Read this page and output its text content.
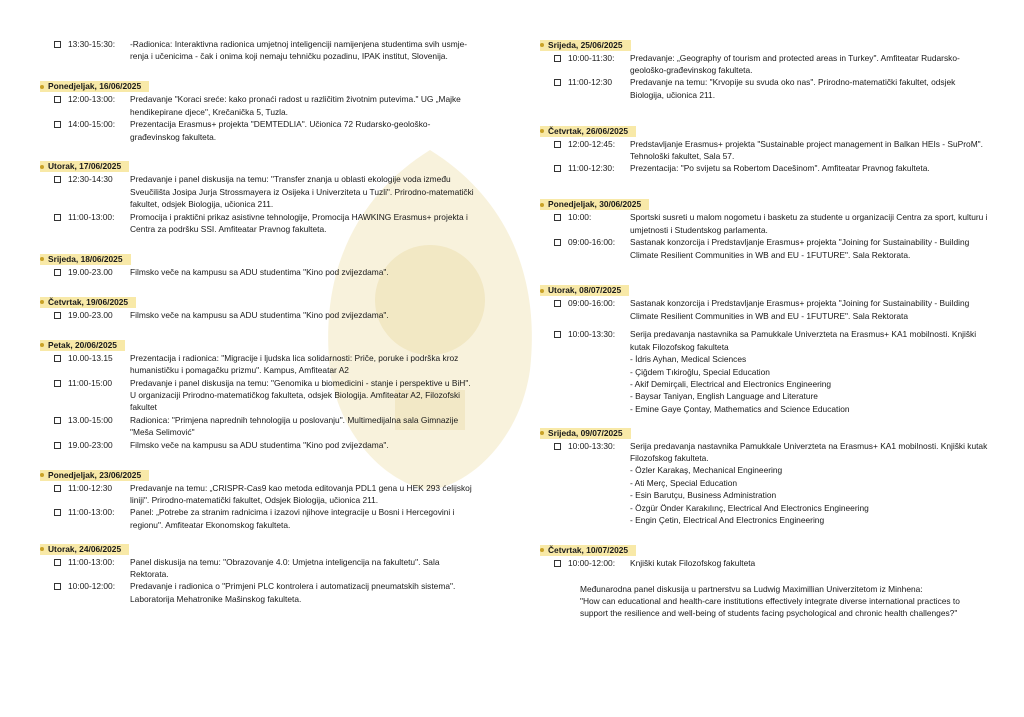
13:30-15:30:	-Radionica: Interaktivna radionica umjetnoj inteligenciji namijenjena studentima svih usmje-renja i učenicima - čak i onima koji nemaju tehničku pozadinu, IPAK institut, Slovenija.
Ponedjeljak, 16/06/2025
12:00-13:00:	Predavanje "Koraci sreće: kako pronaći radost u različitim životnim putevima." UG „Majke hendikepirane djece", Krečanička 5, Tuzla.
14:00-15:00:	Prezentacija Erasmus+ projekta "DEMTEDLIA". Učionica 72 Rudarsko-geološko-građevinskog fakulteta.
Utorak, 17/06/2025
12:30-14:30	Predavanje i panel diskusija na temu: "Transfer znanja u oblasti ekologije voda između Sveučilišta Josipa Jurja Strossmayera iz Osijeka i Univerziteta u Tuzli". Prirodno-matematički fakultet, odsjek Biologija, učionica 211.
11:00-13:00:	Promocija i praktični prikaz asistivne tehnologije, Promocija HAWKING Erasmus+ projekta i Centra za podršku SSI. Amfiteatar Pravnog fakulteta.
Srijeda, 18/06/2025
19.00-23.00	Filmsko veče na kampusu sa ADU studentima "Kino pod zvijezdama".
Četvrtak, 19/06/2025
19.00-23.00	Filmsko veče na kampusu sa ADU studentima "Kino pod zvijezdama".
Petak, 20/06/2025
10.00-13.15	Prezentacija i radionica: "Migracije i ljudska lica solidarnosti: Priče, poruke i podrška kroz humanističku i pomagačku prizmu". Kampus, Amfiteatar A2
11:00-15:00	Predavanje i panel diskusija na temu: "Genomika u biomedicini - stanje i perspektive u BiH". U organizaciji Prirodno-matematičkog fakulteta, odsjek Biologija. Amfiteatar A2, Filozofski fakultet
13.00-15:00	Radionica: "Primjena naprednih tehnologija u poslovanju". Multimedijalna sala Gimnazije "Meša Selimović"
19.00-23:00	Filmsko veče na kampusu sa ADU studentima "Kino pod zvijezdama".
Ponedjeljak, 23/06/2025
11:00-12:30	Predavanje na temu: „CRISPR-Cas9 kao metoda editovanja PDL1 gena u HEK 293 ćelijskoj liniji". Prirodno-matematički fakultet, Odsjek Biologija, učionica 211.
11:00-13:00:	Panel: „Potrebe za stranim radnicima i izazovi njihove integracije u Bosni i Hercegovini i regionu". Amfiteatar Ekonomskog fakulteta.
Utorak, 24/06/2025
11:00-13:00:	Panel diskusija na temu: "Obrazovanje 4.0: Umjetna inteligencija na fakultetu". Sala Rektorata.
10:00-12:00:	Predavanje i radionica o "Primjeni PLC kontrolera i automatizacij pneumatskih sistema". Laboratorija Mehatronike Mašinskog fakulteta.
Srijeda, 25/06/2025
10:00-11:30:	Predavanje: „Geography of tourism and protected areas in Turkey". Amfiteatar Rudarsko-geološko-građevinskog fakulteta.
11:00-12:30	Predavanje na temu: "Krvopije su svuda oko nas". Prirodno-matematički fakultet, odsjek Biologija, učionica 211.
Četvrtak, 26/06/2025
12:00-12:45:	Predstavljanje Erasmus+ projekta "Sustainable project management in Balkan HEIs - SuProM". Tehnološki fakultet, Sala 57.
11:00-12:30:	Prezentacija: "Po svijetu sa Robertom Dacešinom". Amfiteatar Pravnog fakulteta.
Ponedjeljak, 30/06/2025
10:00:	Sportski susreti u malom nogometu i basketu za studente u organizaciji Centra za sport, kulturu i umjetnosti i Studentskog parlamenta.
09:00-16:00:	Sastanak konzorcija i Predstavljanje Erasmus+ projekta "Joining for Sustainability - Building Climate Resilient Communities in WB and EU - 1FUTURE". Sala Rektorata.
Utorak, 08/07/2025
09:00-16:00:	Sastanak konzorcija i Predstavljanje Erasmus+ projekta "Joining for Sustainability - Building Climate Resilient Communities in WB and EU - 1FUTURE". Sala Rektorata
10:00-13:30:	Serija predavanja nastavnika sa Pamukkale Univerzteta na Erasmus+ KA1 mobilnosti. Knjiški kutak Filozofskog fakulteta
- İdris Ayhan, Medical Sciences
- Çiğdem Tıkiroğlu, Special Education
- Akif Demirçali, Electrical and Electronics Engineering
- Baysar Taniyan, English Language and Literature
- Emine Gaye Çontay, Mathematics and Science Education
Srijeda, 09/07/2025
10:00-13:30:	Serija predavanja nastavnika Pamukkale Univerzteta na Erasmus+ KA1 mobilnosti. Knjiški kutak Filozofskog fakulteta.
- Özler Karakaş, Mechanical Engineering
- Ati Merç, Special Education
- Esin Barutçu, Business Administration
- Özgür Önder Karakılınç, Electrical And Electronics Engineering
- Engin Çetin, Electrical And Electronics Engineering
Četvrtak, 10/07/2025
10:00-12:00:	Knjiški kutak Filozofskog fakulteta
Međunarodna panel diskusija u partnerstvu sa Ludwig Maximillian Univerzitetom iz Minhena:
"How can educational and health-care institutions effectively integrate diverse international practices to support the resilience and well-being of students facing psychological and chronic health challenges?"
